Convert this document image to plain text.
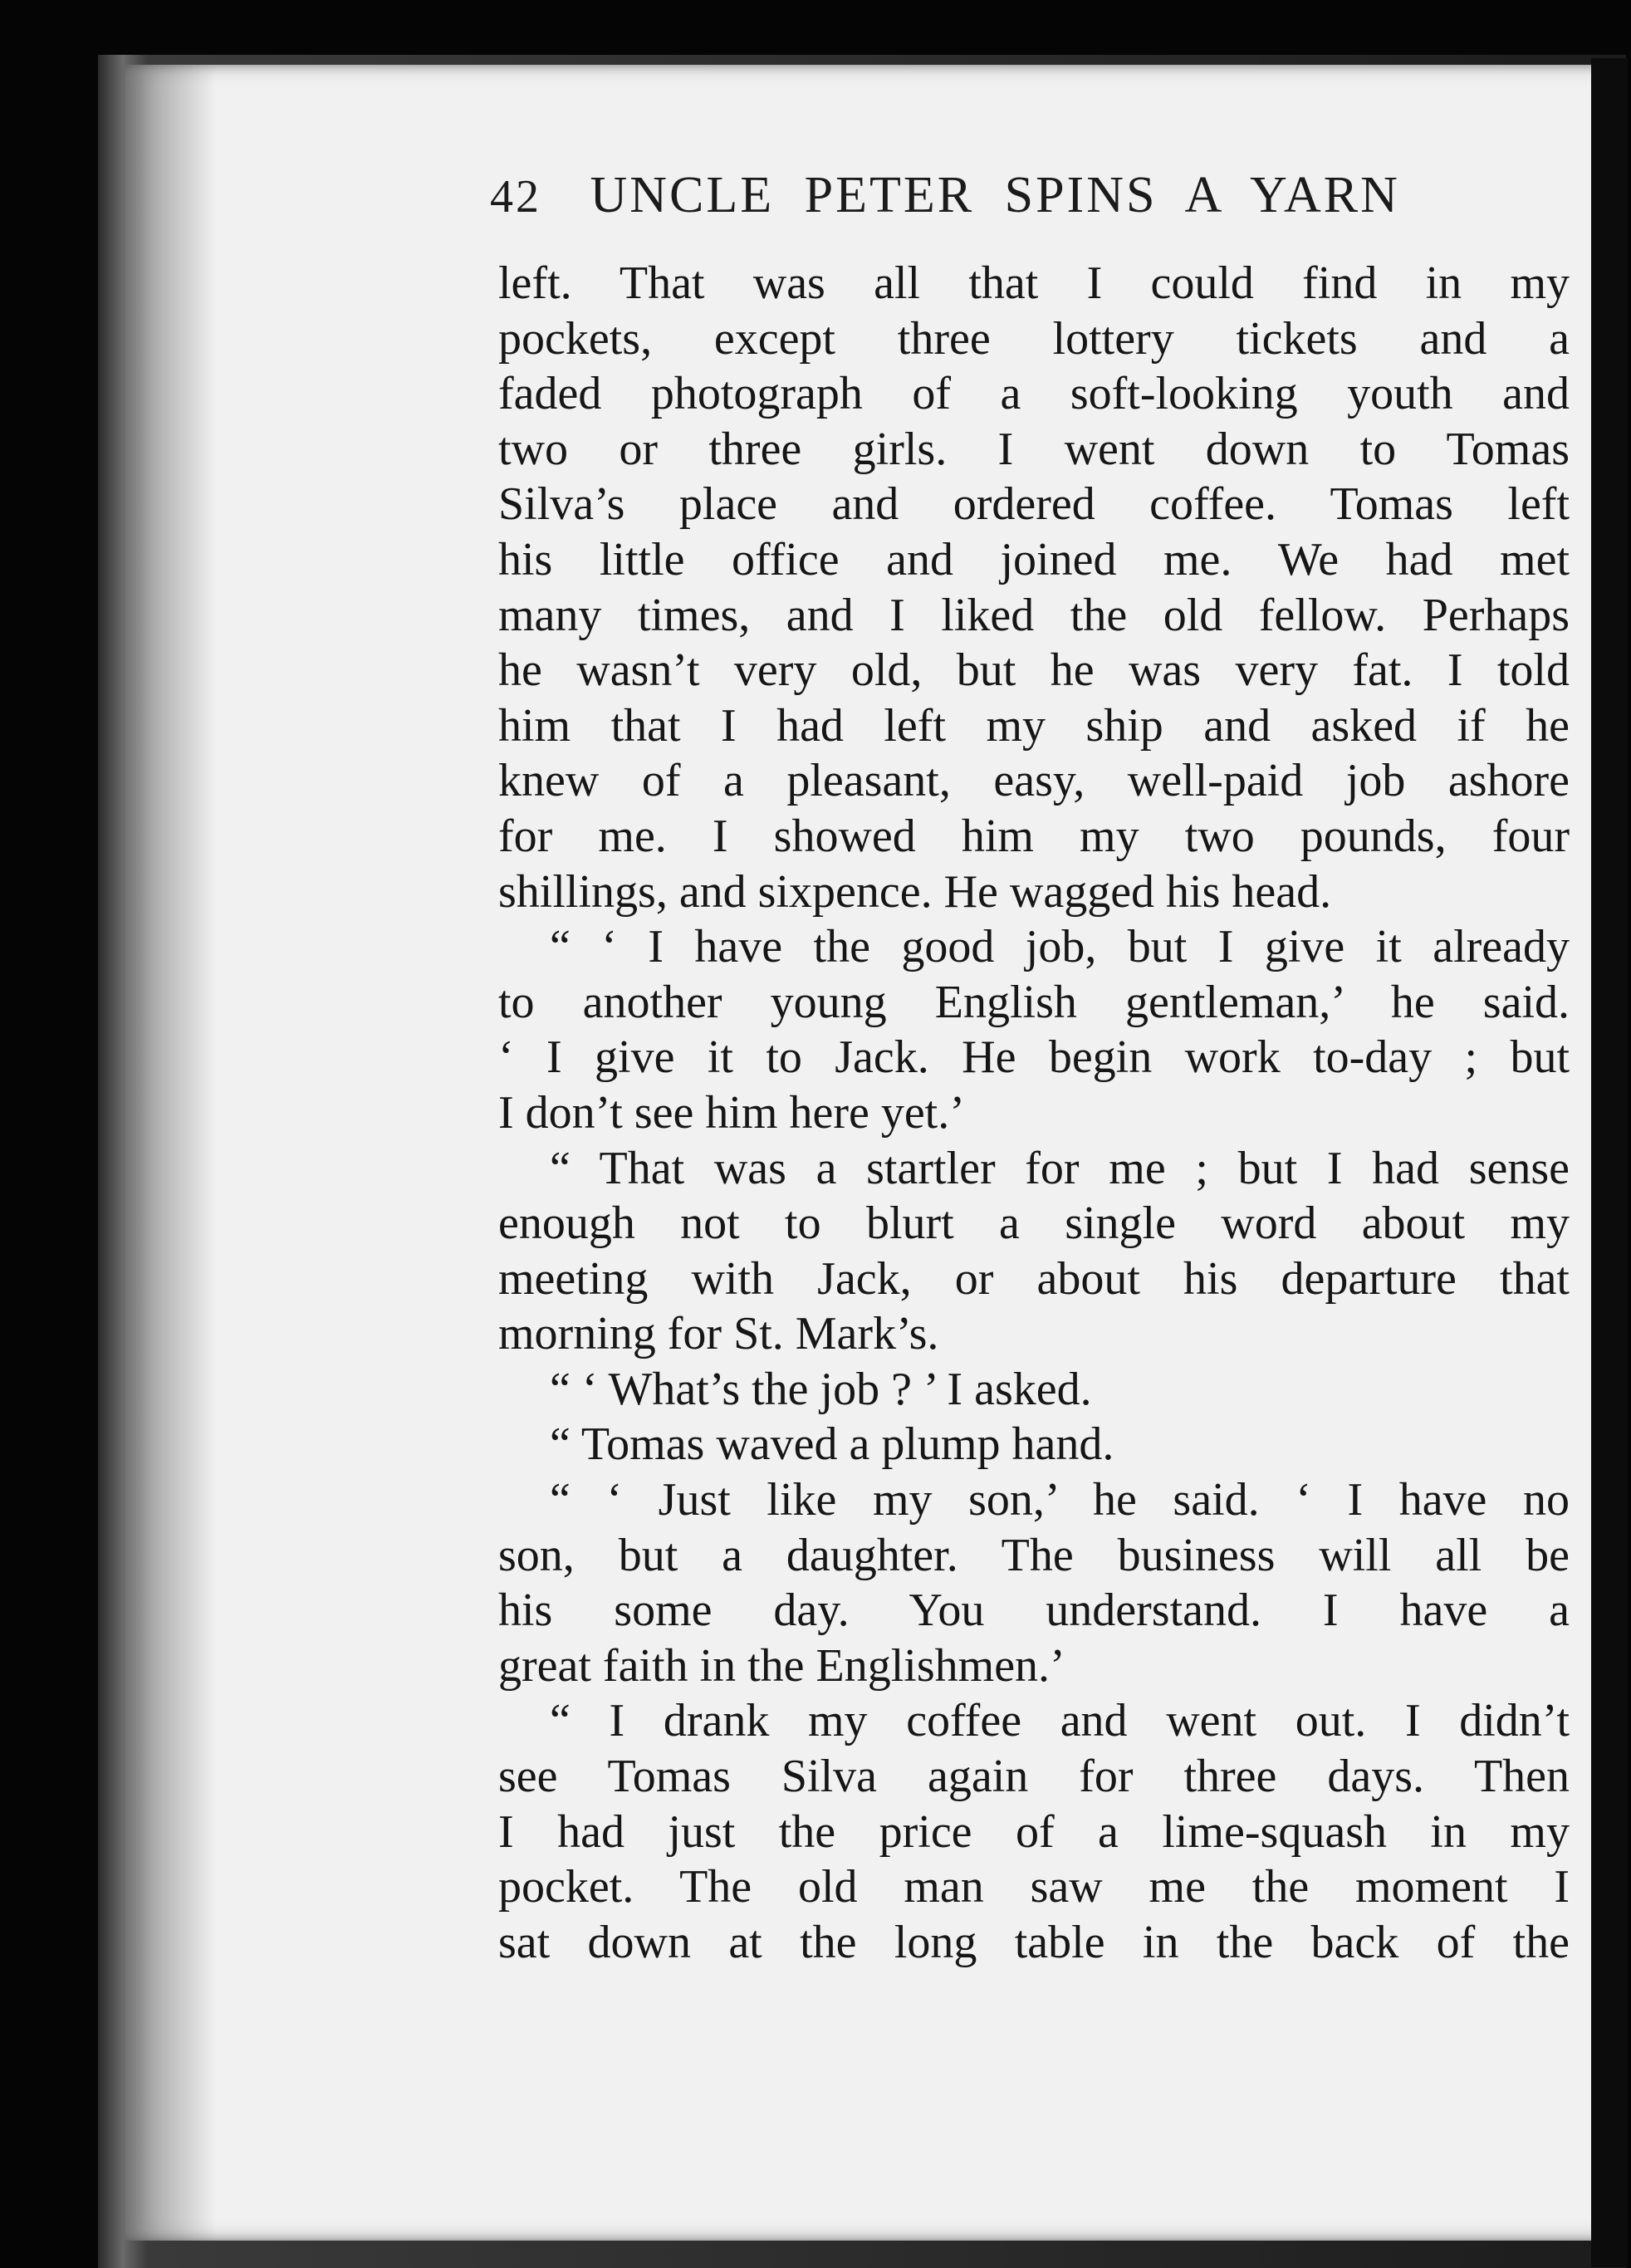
42 UNCLE PETER SPINS A YARN
left. That was all that I could find in my
pockets, except three lottery tickets and a
faded photograph of a soft-looking youth and
two or three girls. I went down to Tomas
Silva’s place and ordered coffee. Tomas left
his little office and joined me. We had met
many times, and I liked the old fellow. Perhaps
he wasn’t very old, but he was very fat. I told
him that I had left my ship and asked if he
knew of a pleasant, easy, well-paid job ashore
for me. I showed him my two pounds, four
shillings, and sixpence. He wagged his head.
“ ‘ I have the good job, but I give it already
to another young English gentleman,’ he said.
‘ I give it to Jack. He begin work to-day ; but
I don’t see him here yet.’
“ That was a startler for me ; but I had sense
enough not to blurt a single word about my
meeting with Jack, or about his departure that
morning for St. Mark’s.
“ ‘ What’s the job ? ’ I asked.
“ Tomas waved a plump hand.
“ ‘ Just like my son,’ he said. ‘ I have no
son, but a daughter. The business will all be
his some day. You understand. I have a
great faith in the Englishmen.’
“ I drank my coffee and went out. I didn’t
see Tomas Silva again for three days. Then
I had just the price of a lime-squash in my
pocket. The old man saw me the moment I
sat down at the long table in the back of the
